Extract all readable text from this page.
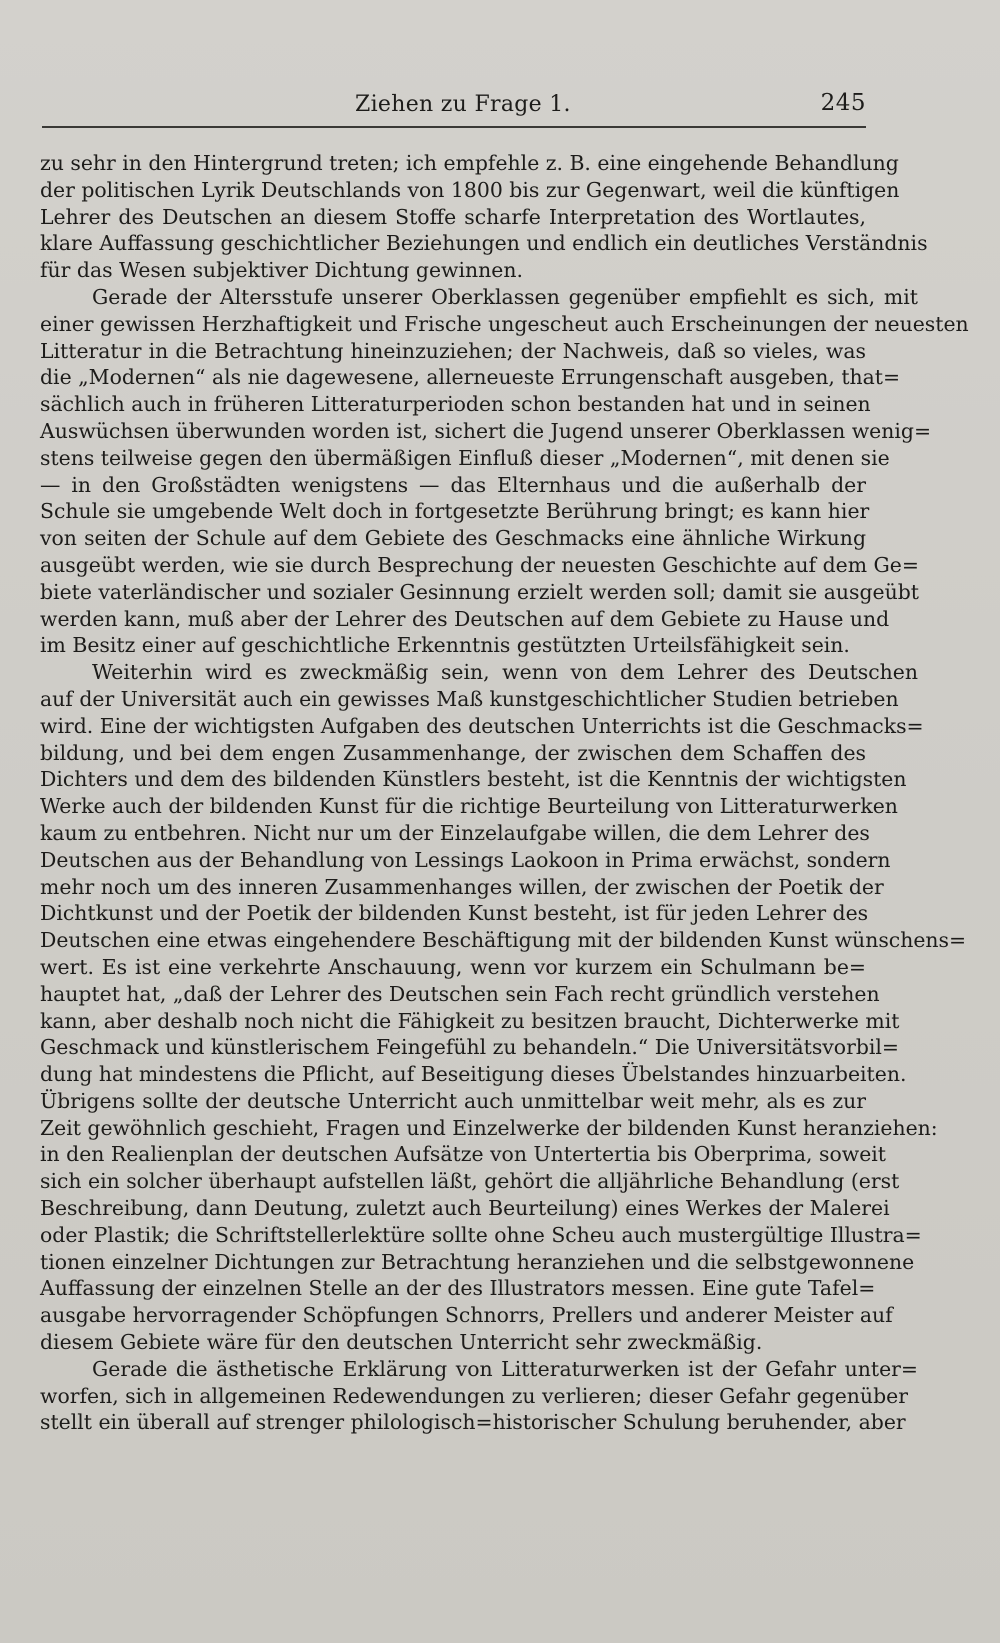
Ziehen zu Frage 1.	245
zu sehr in den Hintergrund treten; ich empfehle z. B. eine eingehende Behandlung
der politischen Lyrik Deutschlands von 1800 bis zur Gegenwart, weil die künftigen
Lehrer des Deutschen an diesem Stoffe scharfe Interpretation des Wortlautes,
klare Auffassung geschichtlicher Beziehungen und endlich ein deutliches Verständnis
für das Wesen subjektiver Dichtung gewinnen.
Gerade der Altersstufe unserer Oberklassen gegenüber empfiehlt es sich, mit
einer gewissen Herzhaftigkeit und Frische ungescheut auch Erscheinungen der neuesten
Litteratur in die Betrachtung hineinzuziehen; der Nachweis, daß so vieles, was
die „Modernen“ als nie dagewesene, allerneueste Errungenschaft ausgeben, that=
sächlich auch in früheren Litteraturperioden schon bestanden hat und in seinen
Auswüchsen überwunden worden ist, sichert die Jugend unserer Oberklassen wenig=
stens teilweise gegen den übermäßigen Einfluß dieser „Modernen“, mit denen sie
— in den Großstädten wenigstens — das Elternhaus und die außerhalb der
Schule sie umgebende Welt doch in fortgesetzte Berührung bringt; es kann hier
von seiten der Schule auf dem Gebiete des Geschmacks eine ähnliche Wirkung
ausgeübt werden, wie sie durch Besprechung der neuesten Geschichte auf dem Ge=
biete vaterländischer und sozialer Gesinnung erzielt werden soll; damit sie ausgeübt
werden kann, muß aber der Lehrer des Deutschen auf dem Gebiete zu Hause und
im Besitz einer auf geschichtliche Erkenntnis gestützten Urteilsfähigkeit sein.
Weiterhin wird es zweckmäßig sein, wenn von dem Lehrer des Deutschen
auf der Universität auch ein gewisses Maß kunstgeschichtlicher Studien betrieben
wird. Eine der wichtigsten Aufgaben des deutschen Unterrichts ist die Geschmacks=
bildung, und bei dem engen Zusammenhange, der zwischen dem Schaffen des
Dichters und dem des bildenden Künstlers besteht, ist die Kenntnis der wichtigsten
Werke auch der bildenden Kunst für die richtige Beurteilung von Litteraturwerken
kaum zu entbehren. Nicht nur um der Einzelaufgabe willen, die dem Lehrer des
Deutschen aus der Behandlung von Lessings Laokoon in Prima erwächst, sondern
mehr noch um des inneren Zusammenhanges willen, der zwischen der Poetik der
Dichtkunst und der Poetik der bildenden Kunst besteht, ist für jeden Lehrer des
Deutschen eine etwas eingehendere Beschäftigung mit der bildenden Kunst wünschens=
wert. Es ist eine verkehrte Anschauung, wenn vor kurzem ein Schulmann be=
hauptet hat, „daß der Lehrer des Deutschen sein Fach recht gründlich verstehen
kann, aber deshalb noch nicht die Fähigkeit zu besitzen braucht, Dichterwerke mit
Geschmack und künstlerischem Feingefühl zu behandeln.“ Die Universitätsvorbil=
dung hat mindestens die Pflicht, auf Beseitigung dieses Übelstandes hinzuarbeiten.
Übrigens sollte der deutsche Unterricht auch unmittelbar weit mehr, als es zur
Zeit gewöhnlich geschieht, Fragen und Einzelwerke der bildenden Kunst heranziehen:
in den Realienplan der deutschen Aufsätze von Untertertia bis Oberprima, soweit
sich ein solcher überhaupt aufstellen läßt, gehört die alljährliche Behandlung (erst
Beschreibung, dann Deutung, zuletzt auch Beurteilung) eines Werkes der Malerei
oder Plastik; die Schriftstellerlektüre sollte ohne Scheu auch mustergültige Illustra=
tionen einzelner Dichtungen zur Betrachtung heranziehen und die selbstgewonnene
Auffassung der einzelnen Stelle an der des Illustrators messen. Eine gute Tafel=
ausgabe hervorragender Schöpfungen Schnorrs, Prellers und anderer Meister auf
diesem Gebiete wäre für den deutschen Unterricht sehr zweckmäßig.
Gerade die ästhetische Erklärung von Litteraturwerken ist der Gefahr unter=
worfen, sich in allgemeinen Redewendungen zu verlieren; dieser Gefahr gegenüber
stellt ein überall auf strenger philologisch=historischer Schulung beruhender, aber
